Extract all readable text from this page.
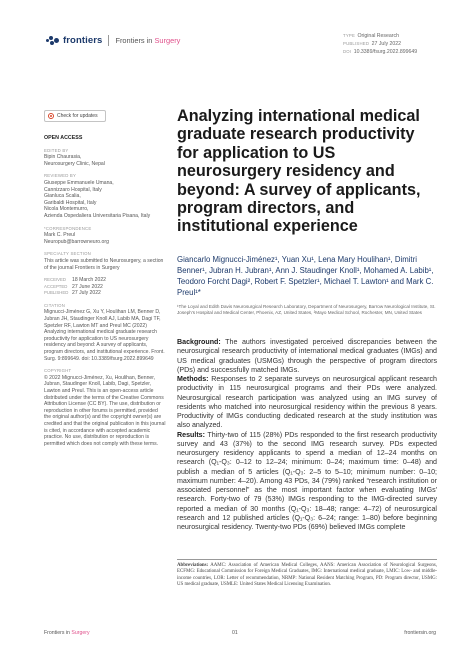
frontiers Frontiers in Surgery
TYPE Original Research
PUBLISHED 27 July 2022
DOI 10.3389/fsurg.2022.899649
Check for updates
OPEN ACCESS
EDITED BY
Bipin Chaurasia,
Neurosurgery Clinic, Nepal
REVIEWED BY
Giuseppe Emmanuele Umana,
Cannizzaro Hospital, Italy
Gianluca Scalia,
Garibaldi Hospital, Italy
Nicola Montemurro,
Azienda Ospedaliera Universitaria Pisana, Italy
*CORRESPONDENCE
Mark C. Preul
Neuropub@barrowneuro.org
SPECIALTY SECTION
This article was submitted to Neurosurgery, a section of the journal Frontiers in Surgery
RECEIVED	18 March 2022
ACCEPTED 27 June 2022
PUBLISHED 27 July 2022
CITATION
Mignucci-Jiménez G, Xu Y, Houlihan LM, Benner D, Jubran JH, Staudinger Knoll AJ, Labib MA, Dagi TF, Spetzler RF, Lawton MT and Preul MC (2022) Analyzing international medical graduate research productivity for application to US neurosurgery residency and beyond: A survey of applicants, program directors, and institutional experience. Front. Surg. 9:899649. doi: 10.3389/fsurg.2022.899649
COPYRIGHT
© 2022 Mignucci-Jiménez, Xu, Houlihan, Benner, Jubran, Staudinger Knoll, Labib, Dagi, Spetzler, Lawton and Preul. This is an open-access article distributed under the terms of the Creative Commons Attribution License (CC BY). The use, distribution or reproduction in other forums is permitted, provided the original author(s) and the copyright owner(s) are credited and that the original publication in this journal is cited, in accordance with accepted academic practice. No use, distribution or reproduction is permitted which does not comply with these terms.
Analyzing international medical graduate research productivity for application to US neurosurgery residency and beyond: A survey of applicants, program directors, and institutional experience
Giancarlo Mignucci-Jiménez¹, Yuan Xu¹, Lena Mary Houlihan¹, Dimitri Benner¹, Jubran H. Jubran¹, Ann J. Staudinger Knoll¹, Mohamed A. Labib¹, Teodoro Forcht Dagi², Robert F. Spetzler¹, Michael T. Lawton¹ and Mark C. Preul¹*
¹The Loyal and Edith Davis Neurosurgical Research Laboratory, Department of Neurosurgery, Barrow Neurological Institute, St. Joseph's Hospital and Medical Center, Phoenix, AZ, United States, ²Mayo Medical School, Rochester, MN, United States

Background: The authors investigated perceived discrepancies between the neurosurgical research productivity of international medical graduates (IMGs) and US medical graduates (USMGs) through the perspective of program directors (PDs) and successfully matched IMGs.

Methods: Responses to 2 separate surveys on neurosurgical applicant research productivity in 115 neurosurgical programs and their PDs were analyzed. Neurosurgical research participation was analyzed using an IMG survey of residents who matched into neurosurgical residency within the previous 8 years. Productivity of IMGs conducting dedicated research at the study institution was also analyzed.

Results: Thirty-two of 115 (28%) PDs responded to the first research productivity survey and 43 (37%) to the second IMG research survey. PDs expected neurosurgery residency applicants to spend a median of 12–24 months on research (Q₁-Q₃: 0–12 to 12–24; minimum: 0–24; maximum time: 0–48) and publish a median of 5 articles (Q₁-Q₃: 2–5 to 5–10; minimum number: 0–10; maximum number: 4–20). Among 43 PDs, 34 (79%) ranked “research institution or associated personnel” as the most important factor when evaluating IMGs' research. Forty-two of 79 (53%) IMGs responding to the IMG-directed survey reported a median of 30 months (Q₁-Q₃: 18–48; range: 4–72) of neurosurgical research and 12 published articles (Q₁-Q₃: 6–24; range: 1–80) before beginning neurosurgical residency. Twenty-two PDs (69%) believed IMGs complete

Abbreviations: AAMC: Association of American Medical Colleges, AANS: American Association of Neurological Surgeons, ECFMG: Educational Commission for Foreign Medical Graduates, IMG: International medical graduate, LMIC: Low- and middle-income countries, LOR: Letter of recommendation, NRMP: National Resident Matching Program, PD: Program director, USMG: US medical graduate, USMLE: United States Medical Licensing Examination.
Frontiers in Surgery	01	frontiersin.org
